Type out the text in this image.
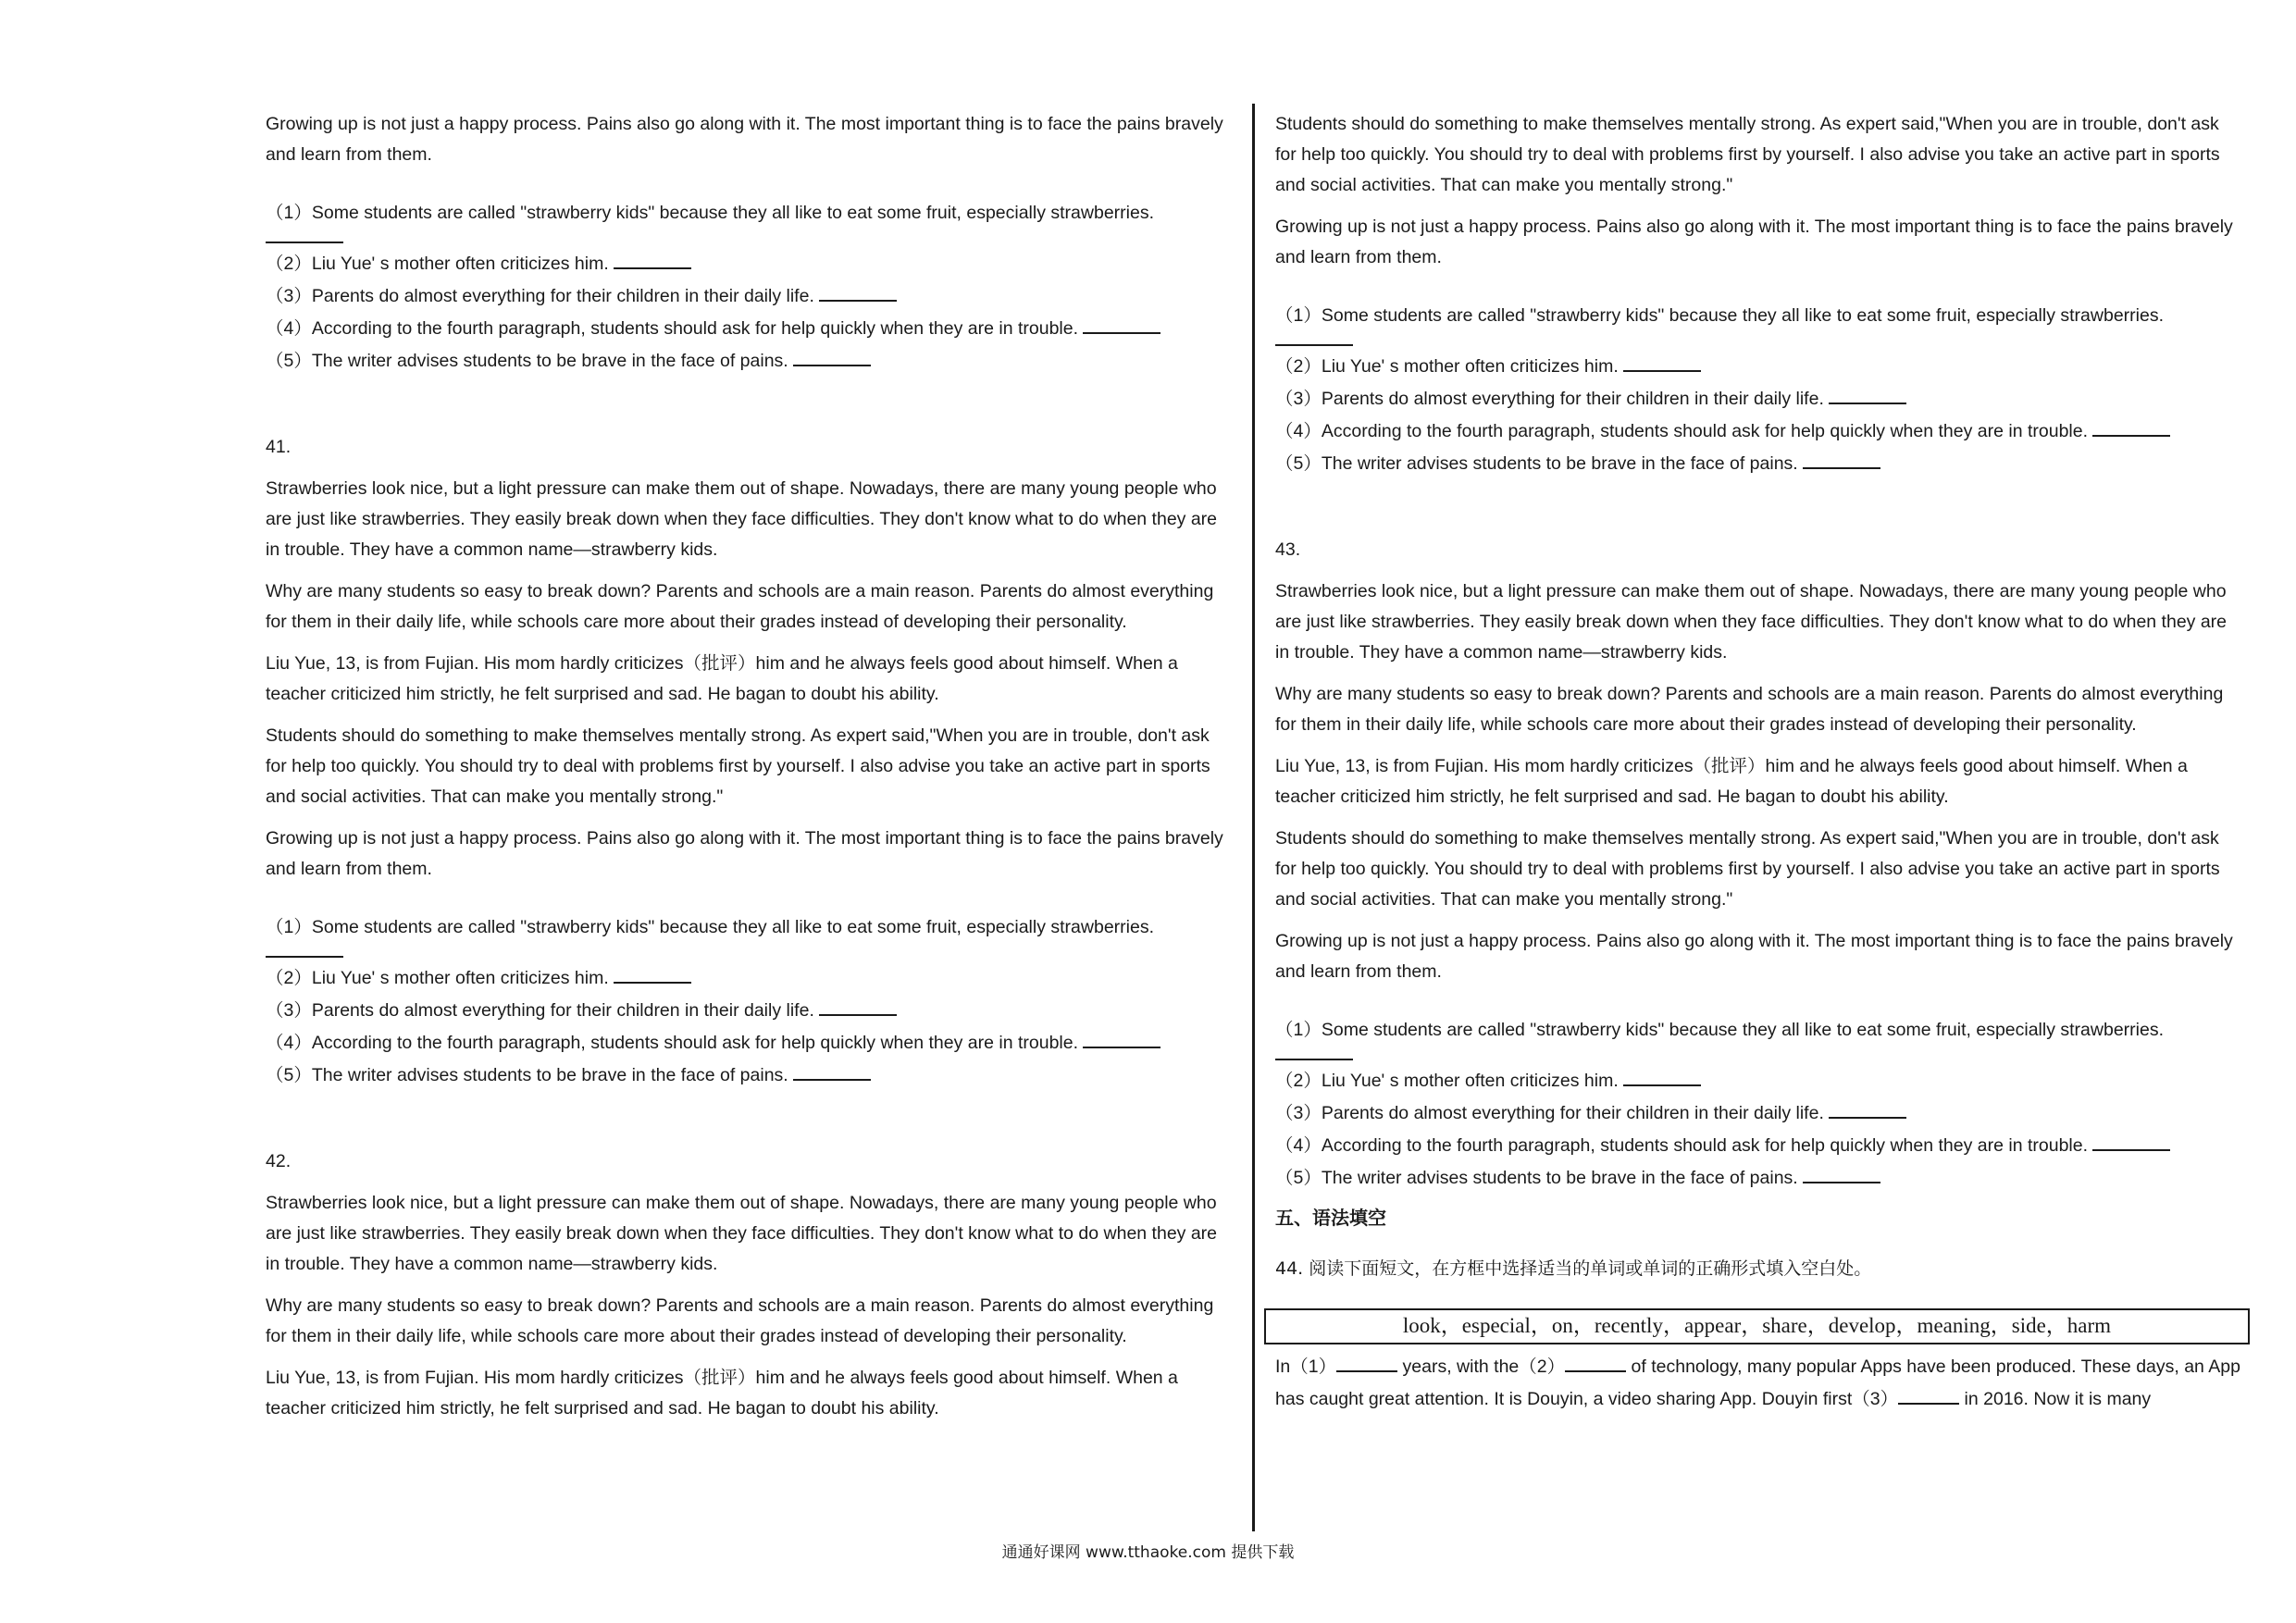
Growing up is not just a happy process. Pains also go along with it. The most important thing is to face the pains bravely and learn from them.

（1）Some students are called "strawberry kids" because they all like to eat some fruit, especially strawberries.
（2）Liu Yue' s mother often criticizes him.
（3）Parents do almost everything for their children in their daily life.
（4）According to the fourth paragraph, students should ask for help quickly when they are in trouble.
（5）The writer advises students to be brave in the face of pains.
41.

Strawberries look nice, but a light pressure can make them out of shape. Nowadays, there are many young people who are just like strawberries. They easily break down when they face difficulties. They don't know what to do when they are in trouble. They have a common name—strawberry kids.

Why are many students so easy to break down? Parents and schools are a main reason. Parents do almost everything for them in their daily life, while schools care more about their grades instead of developing their personality.

Liu Yue, 13, is from Fujian. His mom hardly criticizes（批评）him and he always feels good about himself. When a teacher criticized him strictly, he felt surprised and sad. He bagan to doubt his ability.

Students should do something to make themselves mentally strong. As expert said,"When you are in trouble, don't ask for help too quickly. You should try to deal with problems first by yourself. I also advise you take an active part in sports and social activities. That can make you mentally strong."

Growing up is not just a happy process. Pains also go along with it. The most important thing is to face the pains bravely and learn from them.

（1）Some students are called "strawberry kids" because they all like to eat some fruit, especially strawberries.
（2）Liu Yue' s mother often criticizes him.
（3）Parents do almost everything for their children in their daily life.
（4）According to the fourth paragraph, students should ask for help quickly when they are in trouble.
（5）The writer advises students to be brave in the face of pains.
42.

Strawberries look nice, but a light pressure can make them out of shape. Nowadays, there are many young people who are just like strawberries. They easily break down when they face difficulties. They don't know what to do when they are in trouble. They have a common name—strawberry kids.

Why are many students so easy to break down? Parents and schools are a main reason. Parents do almost everything for them in their daily life, while schools care more about their grades instead of developing their personality.

Liu Yue, 13, is from Fujian. His mom hardly criticizes（批评）him and he always feels good about himself. When a teacher criticized him strictly, he felt surprised and sad. He bagan to doubt his ability.

Students should do something to make themselves mentally strong. As expert said,"When you are in trouble, don't ask for help too quickly. You should try to deal with problems first by yourself. I also advise you take an active part in sports and social activities. That can make you mentally strong."

Growing up is not just a happy process. Pains also go along with it. The most important thing is to face the pains bravely and learn from them.

（1）Some students are called "strawberry kids" because they all like to eat some fruit, especially strawberries.
（2）Liu Yue' s mother often criticizes him.
（3）Parents do almost everything for their children in their daily life.
（4）According to the fourth paragraph, students should ask for help quickly when they are in trouble.
（5）The writer advises students to be brave in the face of pains.
43.

Strawberries look nice, but a light pressure can make them out of shape. Nowadays, there are many young people who are just like strawberries. They easily break down when they face difficulties. They don't know what to do when they are in trouble. They have a common name—strawberry kids.

Why are many students so easy to break down? Parents and schools are a main reason. Parents do almost everything for them in their daily life, while schools care more about their grades instead of developing their personality.

Liu Yue, 13, is from Fujian. His mom hardly criticizes（批评）him and he always feels good about himself. When a teacher criticized him strictly, he felt surprised and sad. He bagan to doubt his ability.

Students should do something to make themselves mentally strong. As expert said,"When you are in trouble, don't ask for help too quickly. You should try to deal with problems first by yourself. I also advise you take an active part in sports and social activities. That can make you mentally strong."

Growing up is not just a happy process. Pains also go along with it. The most important thing is to face the pains bravely and learn from them.

（1）Some students are called "strawberry kids" because they all like to eat some fruit, especially strawberries.
（2）Liu Yue' s mother often criticizes him.
（3）Parents do almost everything for their children in their daily life.
（4）According to the fourth paragraph, students should ask for help quickly when they are in trouble.
（5）The writer advises students to be brave in the face of pains.
五、语法填空
44. 阅读下面短文，在方框中选择适当的单词或单词的正确形式填入空白处。
look，especial，on，recently，appear，share，develop，meaning，side，harm

In（1）	years, with the（2）	of technology, many popular Apps have been produced. These days, an App has caught great attention. It is Douyin, a video sharing App. Douyin first（3）	in 2016. Now it is many

通通好课网 www.tthaoke.com 提供下载
